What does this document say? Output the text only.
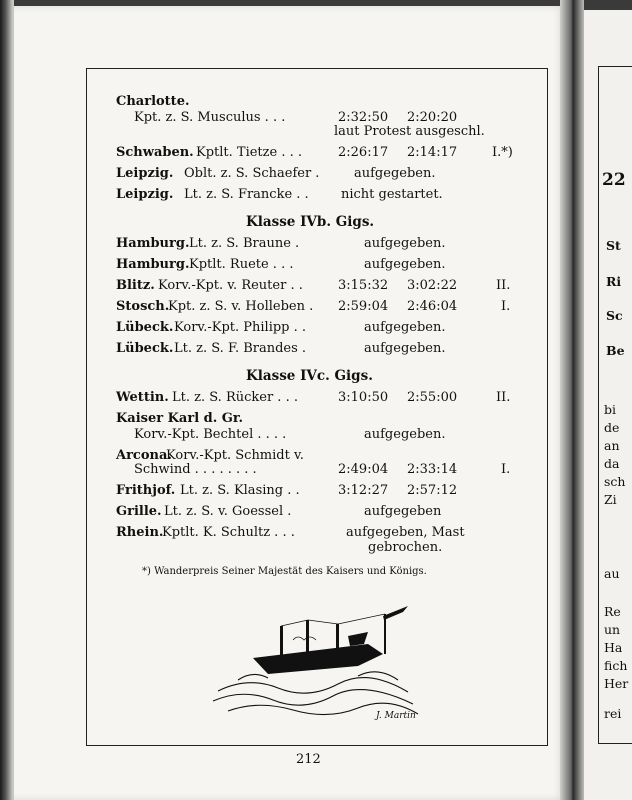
Charlotte.
Kpt. z. S. Musculus . . .	2:32:50 2:20:20
laut Protest ausgeschl.
Schwaben. Kptlt. Tietze . . .	2:26:17 2:14:17	I.*)
Leipzig. Oblt. z. S. Schaefer .	aufgegeben.
Leipzig. Lt. z. S. Francke . . nicht gestartet.
Klasse IVb. Gigs.
Hamburg. Lt. z. S. Braune .	aufgegeben.
Hamburg. Kptlt. Ruete . . .	aufgegeben.
Blitz. Korv.-Kpt. v. Reuter . .	3:15:32 3:02:22	II.
Stosch.
Kpt. z. S. v. Holleben . 2:59:04 2:46:04	I.
Lübeck. Korv.-Kpt. Philipp . .	aufgegeben.
Lübeck. Lt. z. S. F. Brandes .	aufgegeben.
Klasse IVc. Gigs.
Wettin. Lt. z. S. Rücker . . .	3:10:50 2:55:00	II.
Kaiser Karl d. Gr.
Korv.-Kpt. Bechtel . . . .	aufgegeben.
Arcona.
Korv.-Kpt. Schmidt v.
Schwind . . . . . . . .	2:49:04 2:33:14	I.
Frithjof. Lt. z. S. Klasing . .	3:12:27 2:57:12
Grille. Lt. z. S. v. Goessel .	aufgegeben
Rhein.
Kptlt. K. Schultz . . .	aufgegeben, Mast
gebrochen.
*) Wanderpreis Seiner Majestät des Kaisers und Königs.
J. Martin
212
22
St
Ri
Sc
Be
bi
de
an
da
sch
Zi
au
Re
un
Ha
fich
Her
rei
